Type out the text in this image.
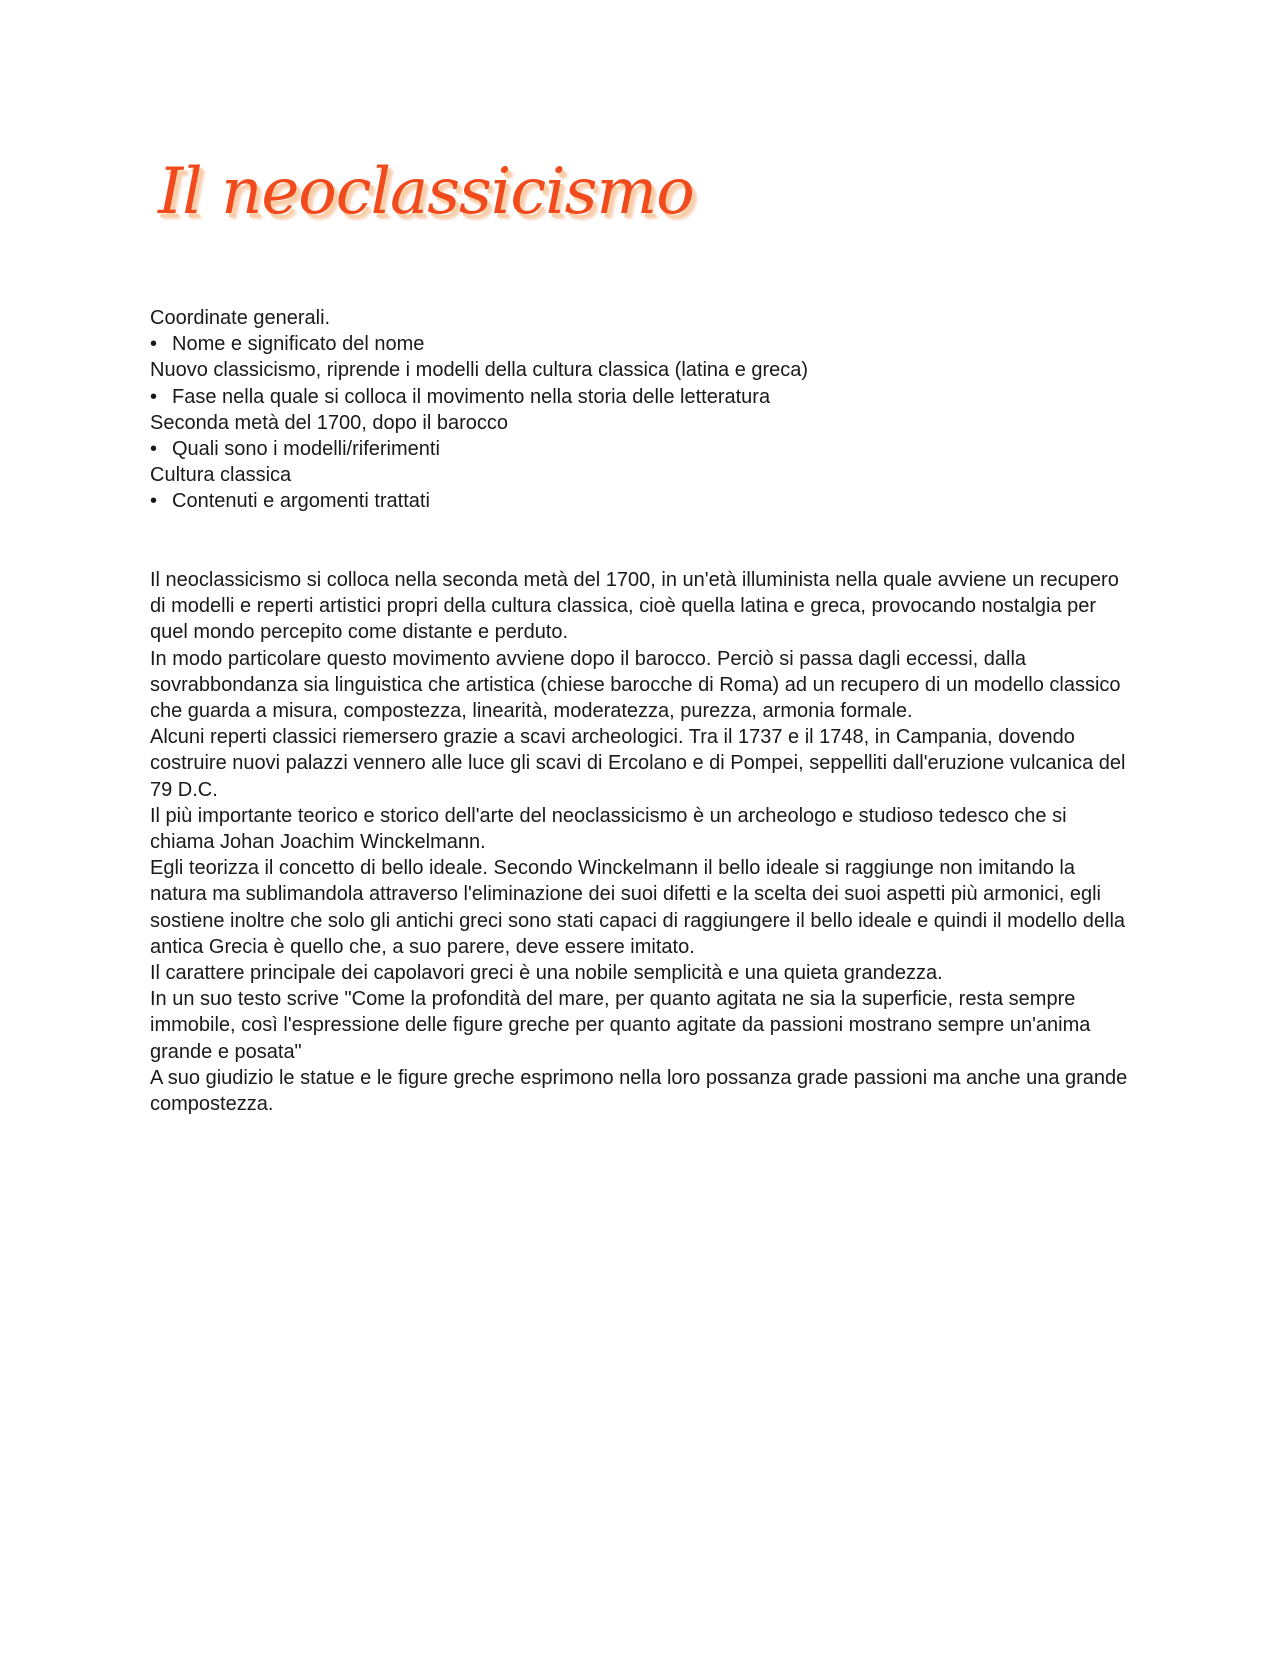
Il neoclassicismo

Coordinate generali.

• Nome e significato del nome

Nuovo classicismo, riprende i modelli della cultura classica (latina e greca)

• Fase nella quale si colloca il movimento nella storia delle letteratura

Seconda metà del 1700, dopo il barocco

• Quali sono i modelli/riferimenti

Cultura classica

• Contenuti e argomenti trattati

Il neoclassicismo si colloca nella seconda metà del 1700, in un'età illuminista nella quale avviene un recupero di modelli e reperti artistici propri della cultura classica, cioè quella latina e greca, provocando nostalgia per quel mondo percepito come distante e perduto.

In modo particolare questo movimento avviene dopo il barocco. Perciò si passa dagli eccessi, dalla sovrabbondanza sia linguistica che artistica (chiese barocche di Roma) ad un recupero di un modello classico che guarda a misura, compostezza, linearità, moderatezza, purezza, armonia formale.

Alcuni reperti classici riemersero grazie a scavi archeologici. Tra il 1737 e il 1748, in Campania, dovendo costruire nuovi palazzi vennero alle luce gli scavi di Ercolano e di Pompei, seppelliti dall'eruzione vulcanica del 79 D.C.

Il più importante teorico e storico dell'arte del neoclassicismo è un archeologo e studioso tedesco che si chiama Johan Joachim Winckelmann.

Egli teorizza il concetto di bello ideale. Secondo Winckelmann il bello ideale si raggiunge non imitando la natura ma sublimandola attraverso l'eliminazione dei suoi difetti e la scelta dei suoi aspetti più armonici, egli sostiene inoltre che solo gli antichi greci sono stati capaci di raggiungere il bello ideale e quindi il modello della antica Grecia è quello che, a suo parere, deve essere imitato.

Il carattere principale dei capolavori greci è una nobile semplicità e una quieta grandezza.

In un suo testo scrive "Come la profondità del mare, per quanto agitata ne sia la superficie, resta sempre immobile, così l'espressione delle figure greche per quanto agitate da passioni mostrano sempre un'anima grande e posata"

A suo giudizio le statue e le figure greche esprimono nella loro possanza grade passioni ma anche una grande compostezza.
